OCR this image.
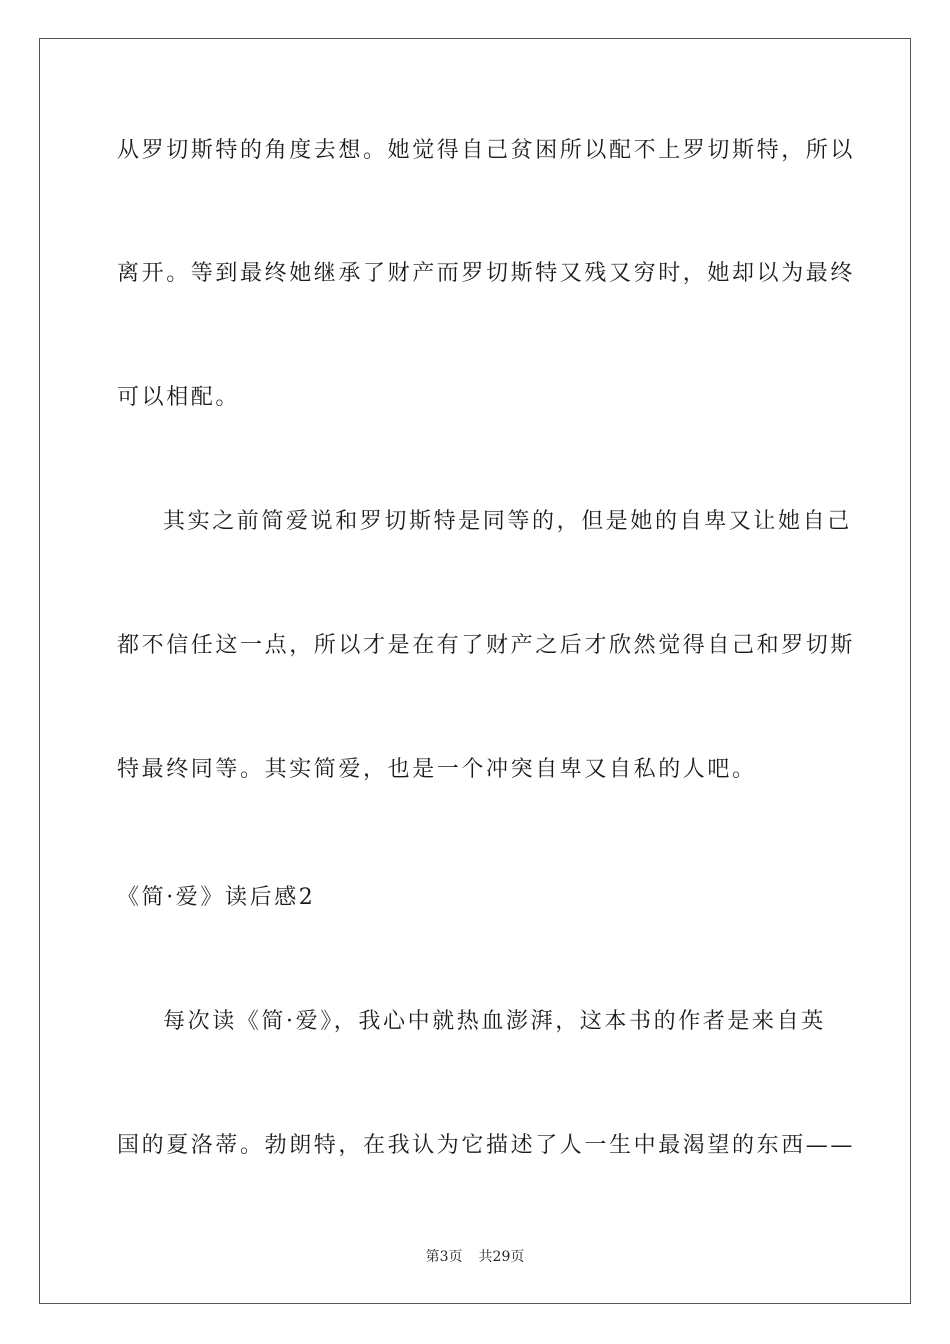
从罗切斯特的角度去想。她觉得自己贫困所以配不上罗切斯特，所以
离开。等到最终她继承了财产而罗切斯特又残又穷时，她却以为最终
可以相配。
其实之前简爱说和罗切斯特是同等的，但是她的自卑又让她自己
都不信任这一点，所以才是在有了财产之后才欣然觉得自己和罗切斯
特最终同等。其实简爱，也是一个冲突自卑又自私的人吧。
《简·爱》读后感2
每次读《简·爱》，我心中就热血澎湃，这本书的作者是来自英
国的夏洛蒂。勃朗特，在我认为它描述了人一生中最渴望的东西——
第3页 共29页
